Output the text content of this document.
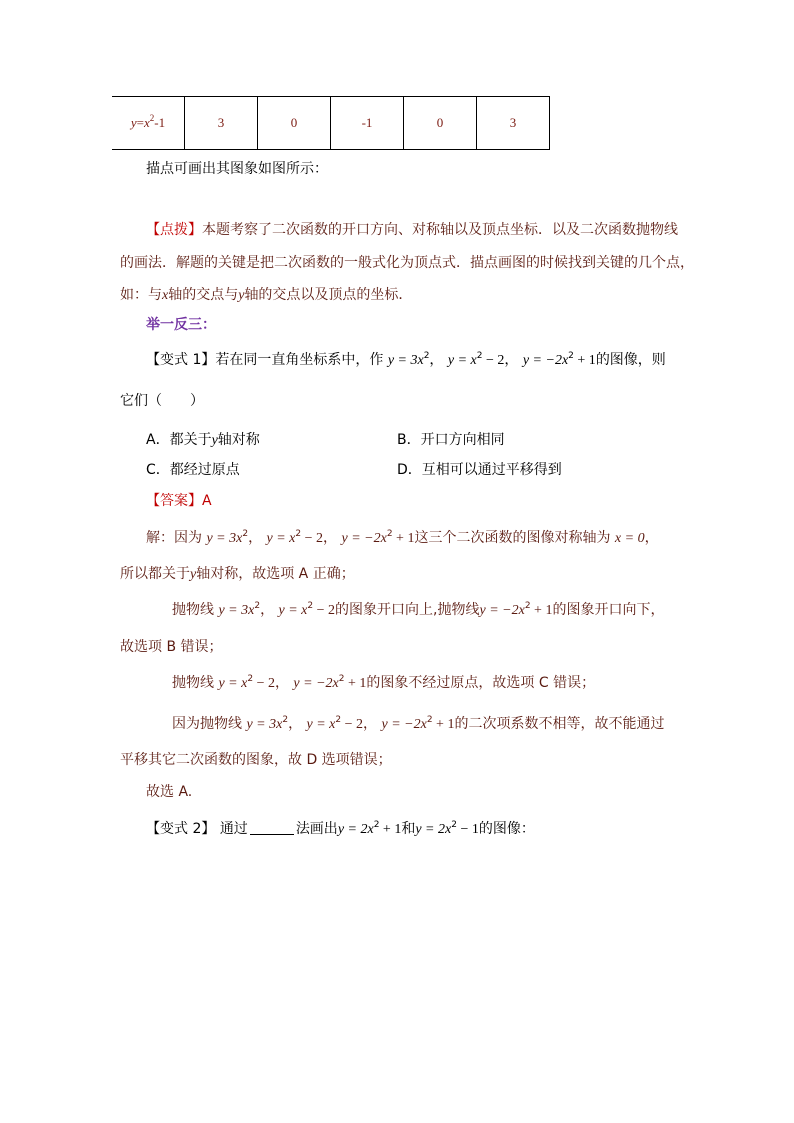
$y=x^2-1$	3	0	-1	0	3
描点可画出其图象如图所示：
【点拨】本题考察了二次函数的开口方向、对称轴以及顶点坐标．以及二次函数抛物线
的画法．解题的关键是把二次函数的一般式化为顶点式．描点画图的时候找到关键的几个点，
如：与x轴的交点与y轴的交点以及顶点的坐标．
举一反三：
【变式 1】若在同一直角坐标系中，作 $y = 3x^2$， $y = x^2 - 2$， $y = -2x^2 + 1$的图像，则
它们（　　）
A．都关于y轴对称	B．开口方向相同
C．都经过原点	D．互相可以通过平移得到
【答案】A
解：因为 $y = 3x^2$， $y = x^2 - 2$， $y = -2x^2 + 1$这三个二次函数的图像对称轴为 x = 0，
所以都关于y轴对称，故选项 A 正确；
抛物线 $y = 3x^2$， $y = x^2 - 2$的图象开口向上,抛物线$y = -2x^2 + 1$的图象开口向下，
故选项 B 错误；
抛物线 $y = x^2 - 2$， $y = -2x^2 + 1$的图象不经过原点，故选项 C 错误；
因为抛物线 $y = 3x^2$， $y = x^2 - 2$， $y = -2x^2 + 1$的二次项系数不相等，故不能通过
平移其它二次函数的图象，故 D 选项错误；
故选 A.
【变式 2】 通过	法画出$y = 2x^2 + 1$和$y = 2x^2 - 1$的图像：
